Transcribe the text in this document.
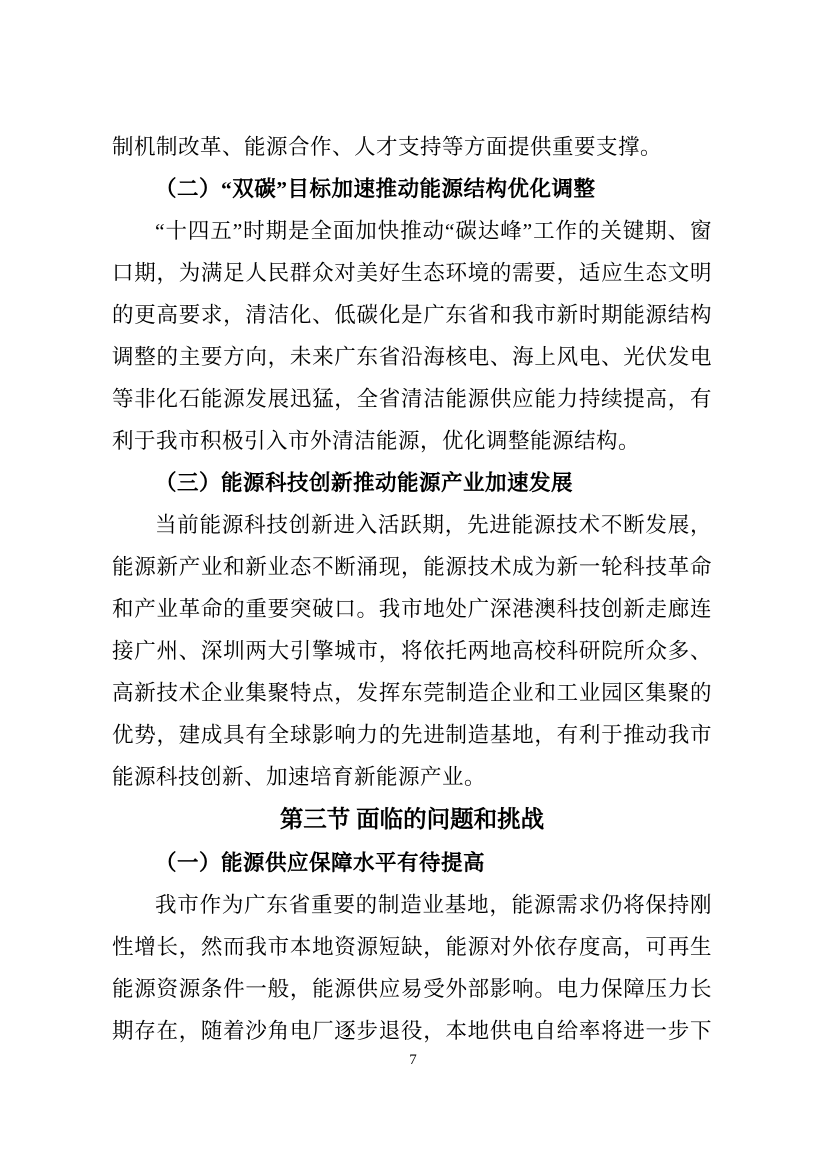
制机制改革、能源合作、人才支持等方面提供重要支撑。

（二）“双碳”目标加速推动能源结构优化调整

“十四五”时期是全面加快推动“碳达峰”工作的关键期、窗口期，为满足人民群众对美好生态环境的需要，适应生态文明的更高要求，清洁化、低碳化是广东省和我市新时期能源结构调整的主要方向，未来广东省沿海核电、海上风电、光伏发电等非化石能源发展迅猛，全省清洁能源供应能力持续提高，有利于我市积极引入市外清洁能源，优化调整能源结构。

（三）能源科技创新推动能源产业加速发展

当前能源科技创新进入活跃期，先进能源技术不断发展，能源新产业和新业态不断涌现，能源技术成为新一轮科技革命和产业革命的重要突破口。我市地处广深港澳科技创新走廊连接广州、深圳两大引擎城市，将依托两地高校科研院所众多、高新技术企业集聚特点，发挥东莞制造企业和工业园区集聚的优势，建成具有全球影响力的先进制造基地，有利于推动我市能源科技创新、加速培育新能源产业。

第三节 面临的问题和挑战
（一）能源供应保障水平有待提高

我市作为广东省重要的制造业基地，能源需求仍将保持刚性增长，然而我市本地资源短缺，能源对外依存度高，可再生能源资源条件一般，能源供应易受外部影响。电力保障压力长期存在，随着沙角电厂逐步退役，本地供电自给率将进一步下

7
